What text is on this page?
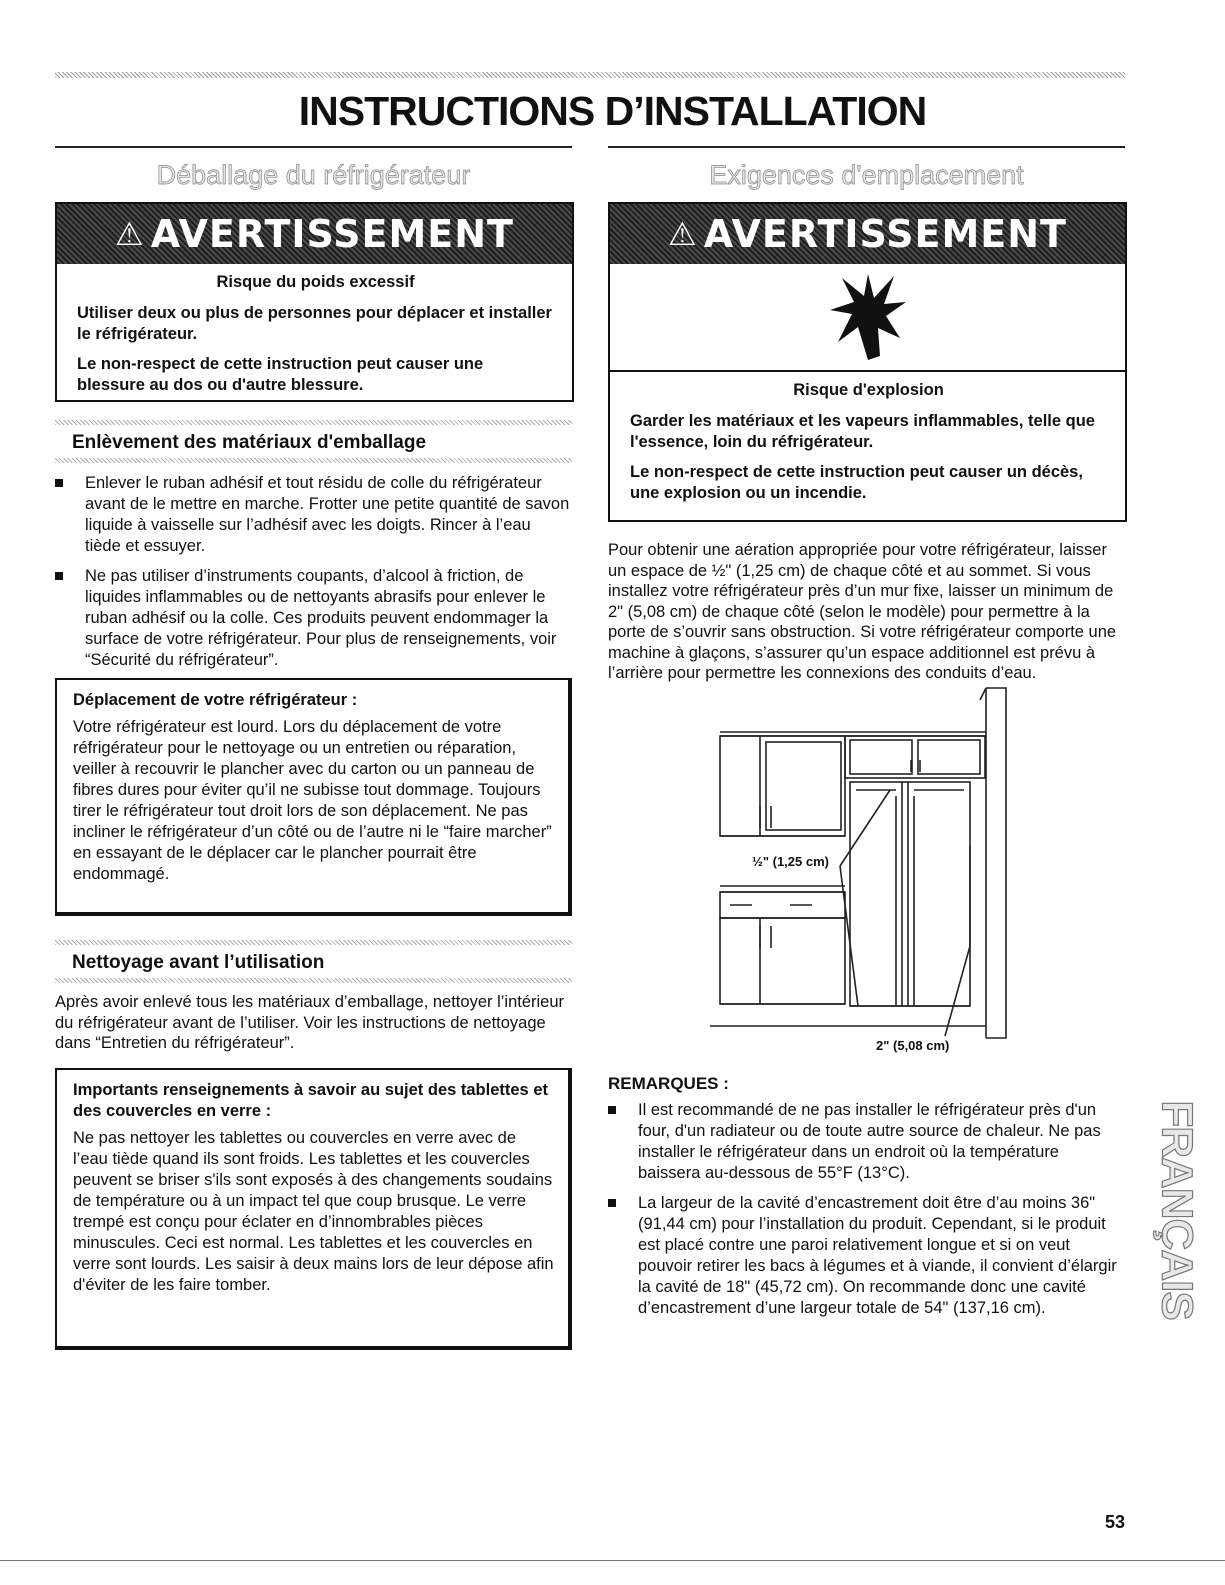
INSTRUCTIONS D’INSTALLATION
Déballage du réfrigérateur
⚠ AVERTISSEMENT
Risque du poids excessif

Utiliser deux ou plus de personnes pour déplacer et installer le réfrigérateur.

Le non-respect de cette instruction peut causer une blessure au dos ou d'autre blessure.

Enlèvement des matériaux d'emballage
Enlever le ruban adhésif et tout résidu de colle du réfrigérateur avant de le mettre en marche. Frotter une petite quantité de savon liquide à vaisselle sur l’adhésif avec les doigts. Rincer à l’eau tiède et essuyer.
Ne pas utiliser d’instruments coupants, d’alcool à friction, de liquides inflammables ou de nettoyants abrasifs pour enlever le ruban adhésif ou la colle. Ces produits peuvent endommager la surface de votre réfrigérateur. Pour plus de renseignements, voir “Sécurité du réfrigérateur”.

Déplacement de votre réfrigérateur :

Votre réfrigérateur est lourd. Lors du déplacement de votre réfrigérateur pour le nettoyage ou un entretien ou réparation, veiller à recouvrir le plancher avec du carton ou un panneau de fibres dures pour éviter qu’il ne subisse tout dommage. Toujours tirer le réfrigérateur tout droit lors de son déplacement. Ne pas incliner le réfrigérateur d’un côté ou de l’autre ni le “faire marcher” en essayant de le déplacer car le plancher pourrait être endommagé.

Nettoyage avant l’utilisation

Après avoir enlevé tous les matériaux d’emballage, nettoyer l’intérieur du réfrigérateur avant de l’utiliser. Voir les instructions de nettoyage dans “Entretien du réfrigérateur”.

Importants renseignements à savoir au sujet des tablettes et des couvercles en verre :

Ne pas nettoyer les tablettes ou couvercles en verre avec de l’eau tiède quand ils sont froids. Les tablettes et les couvercles peuvent se briser s'ils sont exposés à des changements soudains de température ou à un impact tel que coup brusque. Le verre trempé est conçu pour éclater en d’innombrables pièces minuscules. Ceci est normal. Les tablettes et les couvercles en verre sont lourds. Les saisir à deux mains lors de leur dépose afin d'éviter de les faire tomber.

Exigences d'emplacement
⚠ AVERTISSEMENT
Risque d'explosion

Garder les matériaux et les vapeurs inflammables, telle que l'essence, loin du réfrigérateur.

Le non-respect de cette instruction peut causer un décès, une explosion ou un incendie.

Pour obtenir une aération appropriée pour votre réfrigérateur, laisser un espace de ½" (1,25 cm) de chaque côté et au sommet. Si vous installez votre réfrigérateur près d’un mur fixe, laisser un minimum de 2" (5,08 cm) de chaque côté (selon le modèle) pour permettre à la porte de s’ouvrir sans obstruction. Si votre réfrigérateur comporte une machine à glaçons, s’assurer qu’un espace additionnel est prévu à l’arrière pour permettre les connexions des conduits d’eau.

½" (1,25 cm)
2" (5,08 cm)
REMARQUES :
Il est recommandé de ne pas installer le réfrigérateur près d'un four, d'un radiateur ou de toute autre source de chaleur. Ne pas installer le réfrigérateur dans un endroit où la température baissera au-dessous de 55°F (13°C).
La largeur de la cavité d’encastrement doit être d’au moins 36" (91,44 cm) pour l’installation du produit. Cependant, si le produit est placé contre une paroi relativement longue et si on veut pouvoir retirer les bacs à légumes et à viande, il convient d’élargir la cavité de 18" (45,72 cm). On recommande donc une cavité d’encastrement d’une largeur totale de 54" (137,16 cm).	FRANÇAIS
53
